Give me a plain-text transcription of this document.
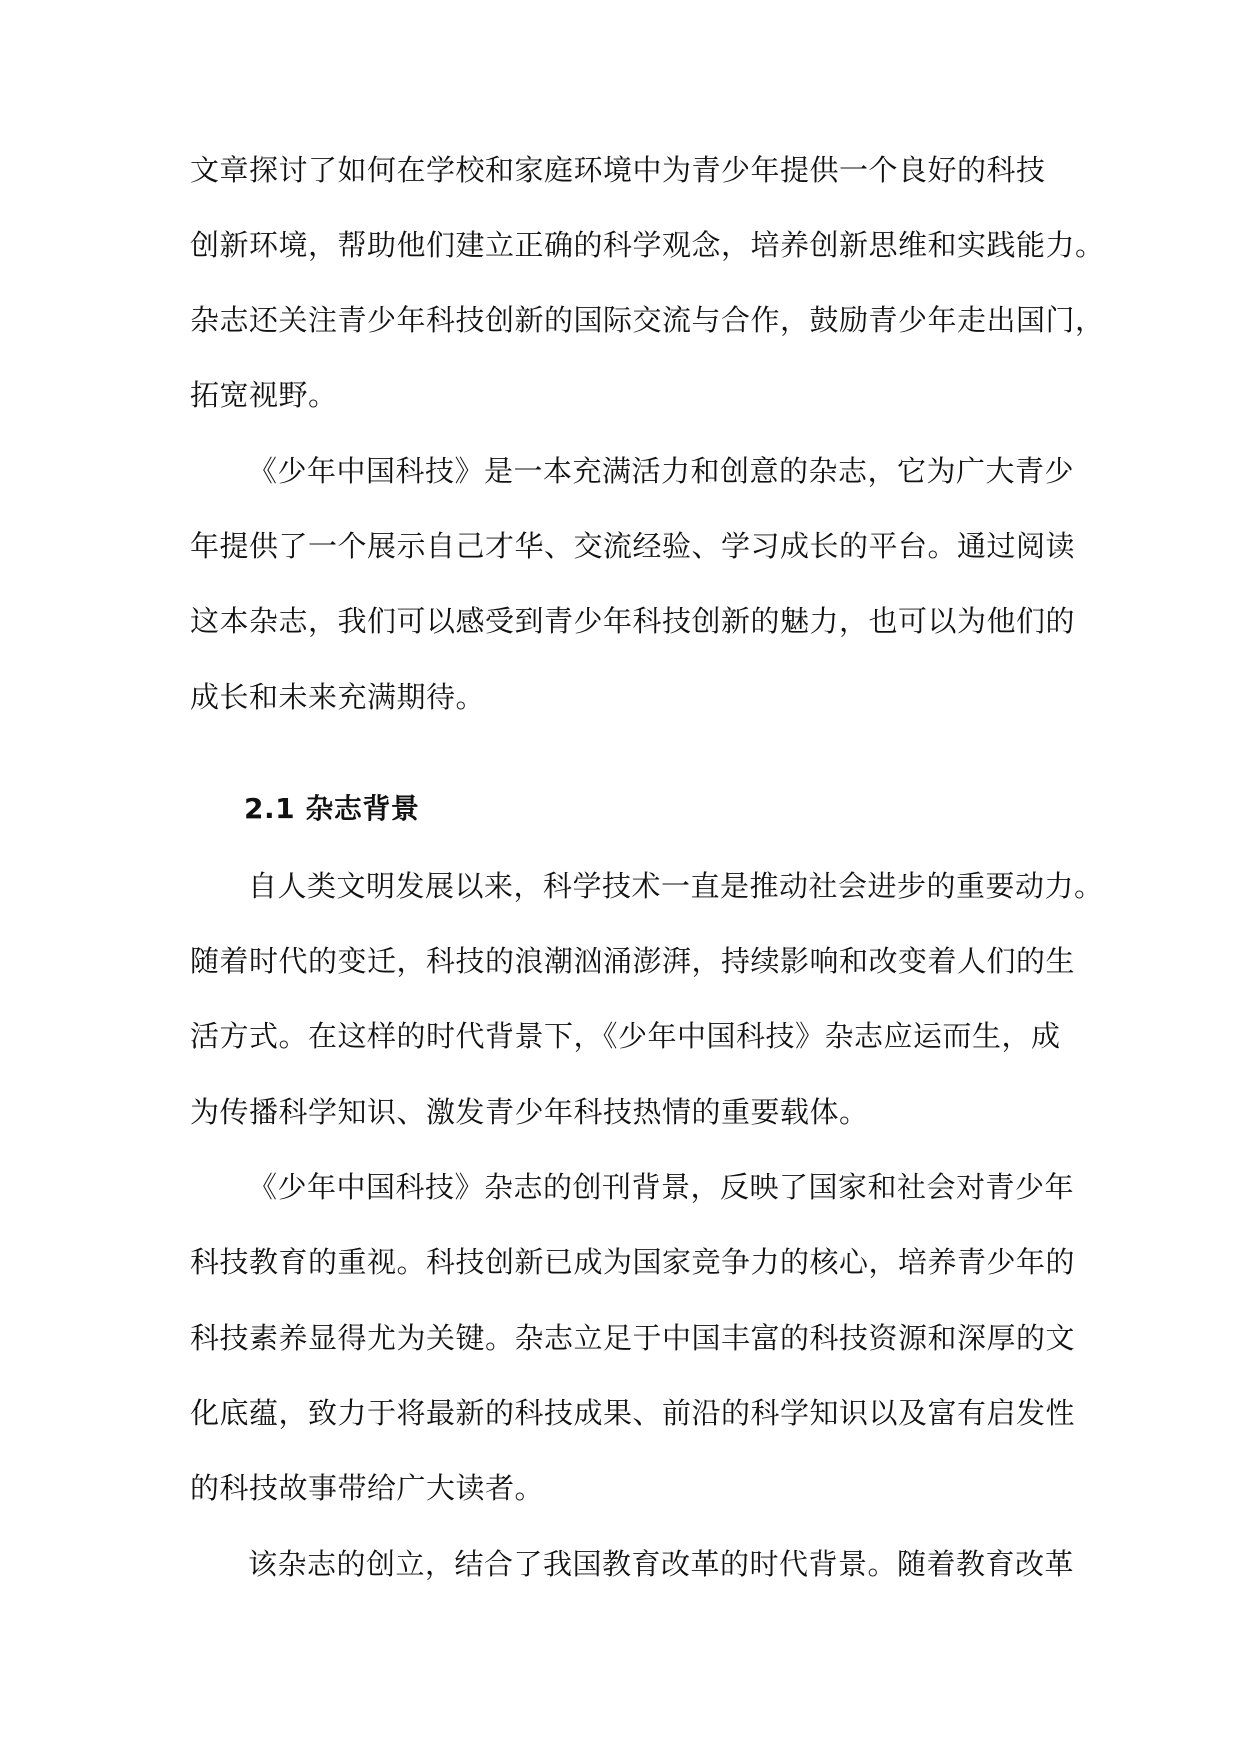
文章探讨了如何在学校和家庭环境中为青少年提供一个良好的科技
创新环境，帮助他们建立正确的科学观念，培养创新思维和实践能力。
杂志还关注青少年科技创新的国际交流与合作，鼓励青少年走出国门，
拓宽视野。
《少年中国科技》是一本充满活力和创意的杂志，它为广大青少
年提供了一个展示自己才华、交流经验、学习成长的平台。通过阅读
这本杂志，我们可以感受到青少年科技创新的魅力，也可以为他们的
成长和未来充满期待。
2.1 杂志背景
自人类文明发展以来，科学技术一直是推动社会进步的重要动力。
随着时代的变迁，科技的浪潮汹涌澎湃，持续影响和改变着人们的生
活方式。在这样的时代背景下，《少年中国科技》杂志应运而生，成
为传播科学知识、激发青少年科技热情的重要载体。
《少年中国科技》杂志的创刊背景，反映了国家和社会对青少年
科技教育的重视。科技创新已成为国家竞争力的核心，培养青少年的
科技素养显得尤为关键。杂志立足于中国丰富的科技资源和深厚的文
化底蕴，致力于将最新的科技成果、前沿的科学知识以及富有启发性
的科技故事带给广大读者。
该杂志的创立，结合了我国教育改革的时代背景。随着教育改革
